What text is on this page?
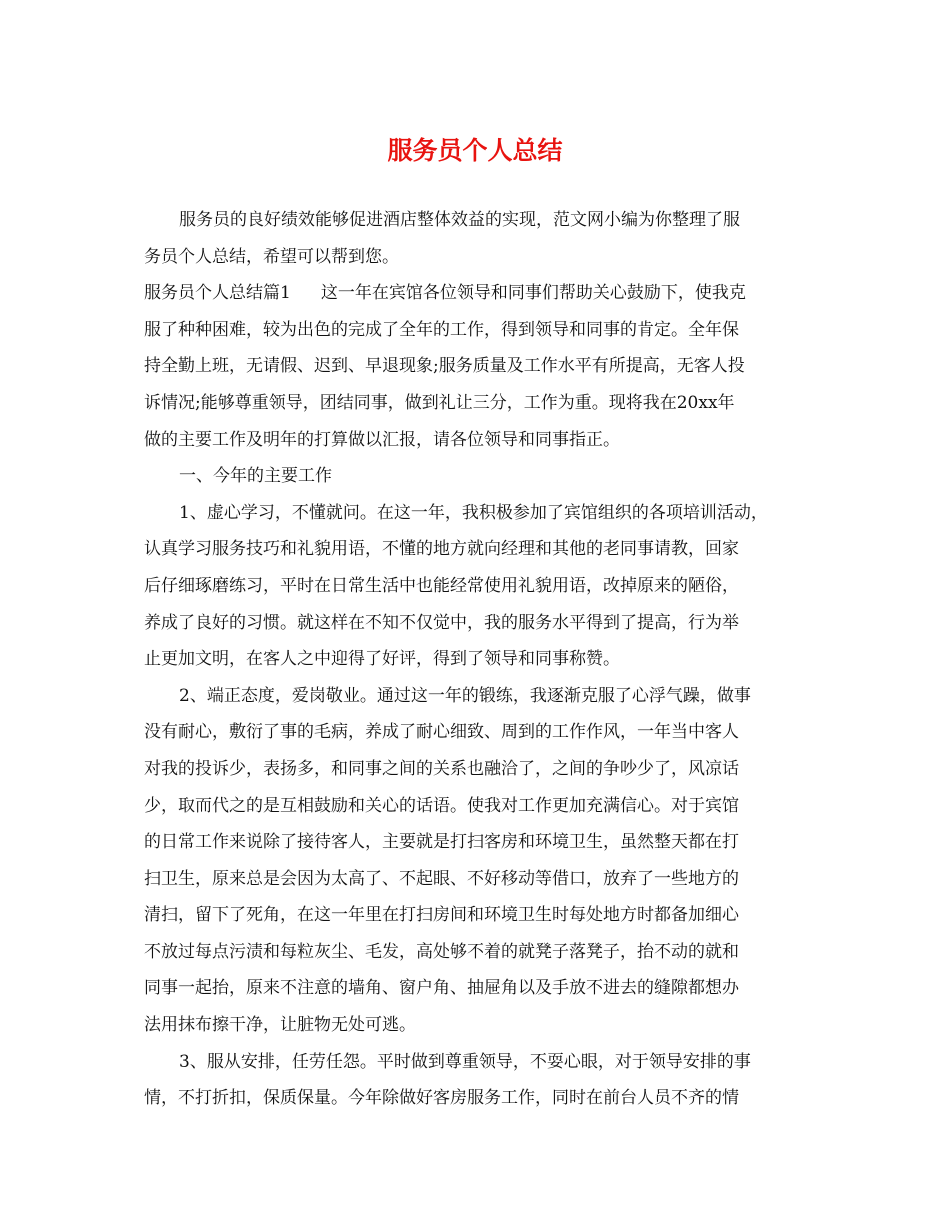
服务员个人总结
服务员的良好绩效能够促进酒店整体效益的实现，范文网小编为你整理了服
务员个人总结，希望可以帮到您。
服务员个人总结篇1 这一年在宾馆各位领导和同事们帮助关心鼓励下，使我克
服了种种困难，较为出色的完成了全年的工作，得到领导和同事的肯定。全年保
持全勤上班，无请假、迟到、早退现象;服务质量及工作水平有所提高，无客人投
诉情况;能够尊重领导，团结同事，做到礼让三分，工作为重。现将我在20xx年
做的主要工作及明年的打算做以汇报，请各位领导和同事指正。
一、今年的主要工作
1、虚心学习，不懂就问。在这一年，我积极参加了宾馆组织的各项培训活动，
认真学习服务技巧和礼貌用语，不懂的地方就向经理和其他的老同事请教，回家
后仔细琢磨练习，平时在日常生活中也能经常使用礼貌用语，改掉原来的陋俗，
养成了良好的习惯。就这样在不知不仅觉中，我的服务水平得到了提高，行为举
止更加文明，在客人之中迎得了好评，得到了领导和同事称赞。
2、端正态度，爱岗敬业。通过这一年的锻练，我逐渐克服了心浮气躁，做事
没有耐心，敷衍了事的毛病，养成了耐心细致、周到的工作作风，一年当中客人
对我的投诉少，表扬多，和同事之间的关系也融洽了，之间的争吵少了，风凉话
少，取而代之的是互相鼓励和关心的话语。使我对工作更加充满信心。对于宾馆
的日常工作来说除了接待客人，主要就是打扫客房和环境卫生，虽然整天都在打
扫卫生，原来总是会因为太高了、不起眼、不好移动等借口，放弃了一些地方的
清扫，留下了死角，在这一年里在打扫房间和环境卫生时每处地方时都备加细心
不放过每点污渍和每粒灰尘、毛发，高处够不着的就凳子落凳子，抬不动的就和
同事一起抬，原来不注意的墙角、窗户角、抽屉角以及手放不进去的缝隙都想办
法用抹布擦干净，让脏物无处可逃。
3、服从安排，任劳任怨。平时做到尊重领导，不耍心眼，对于领导安排的事
情，不打折扣，保质保量。今年除做好客房服务工作，同时在前台人员不齐的情
